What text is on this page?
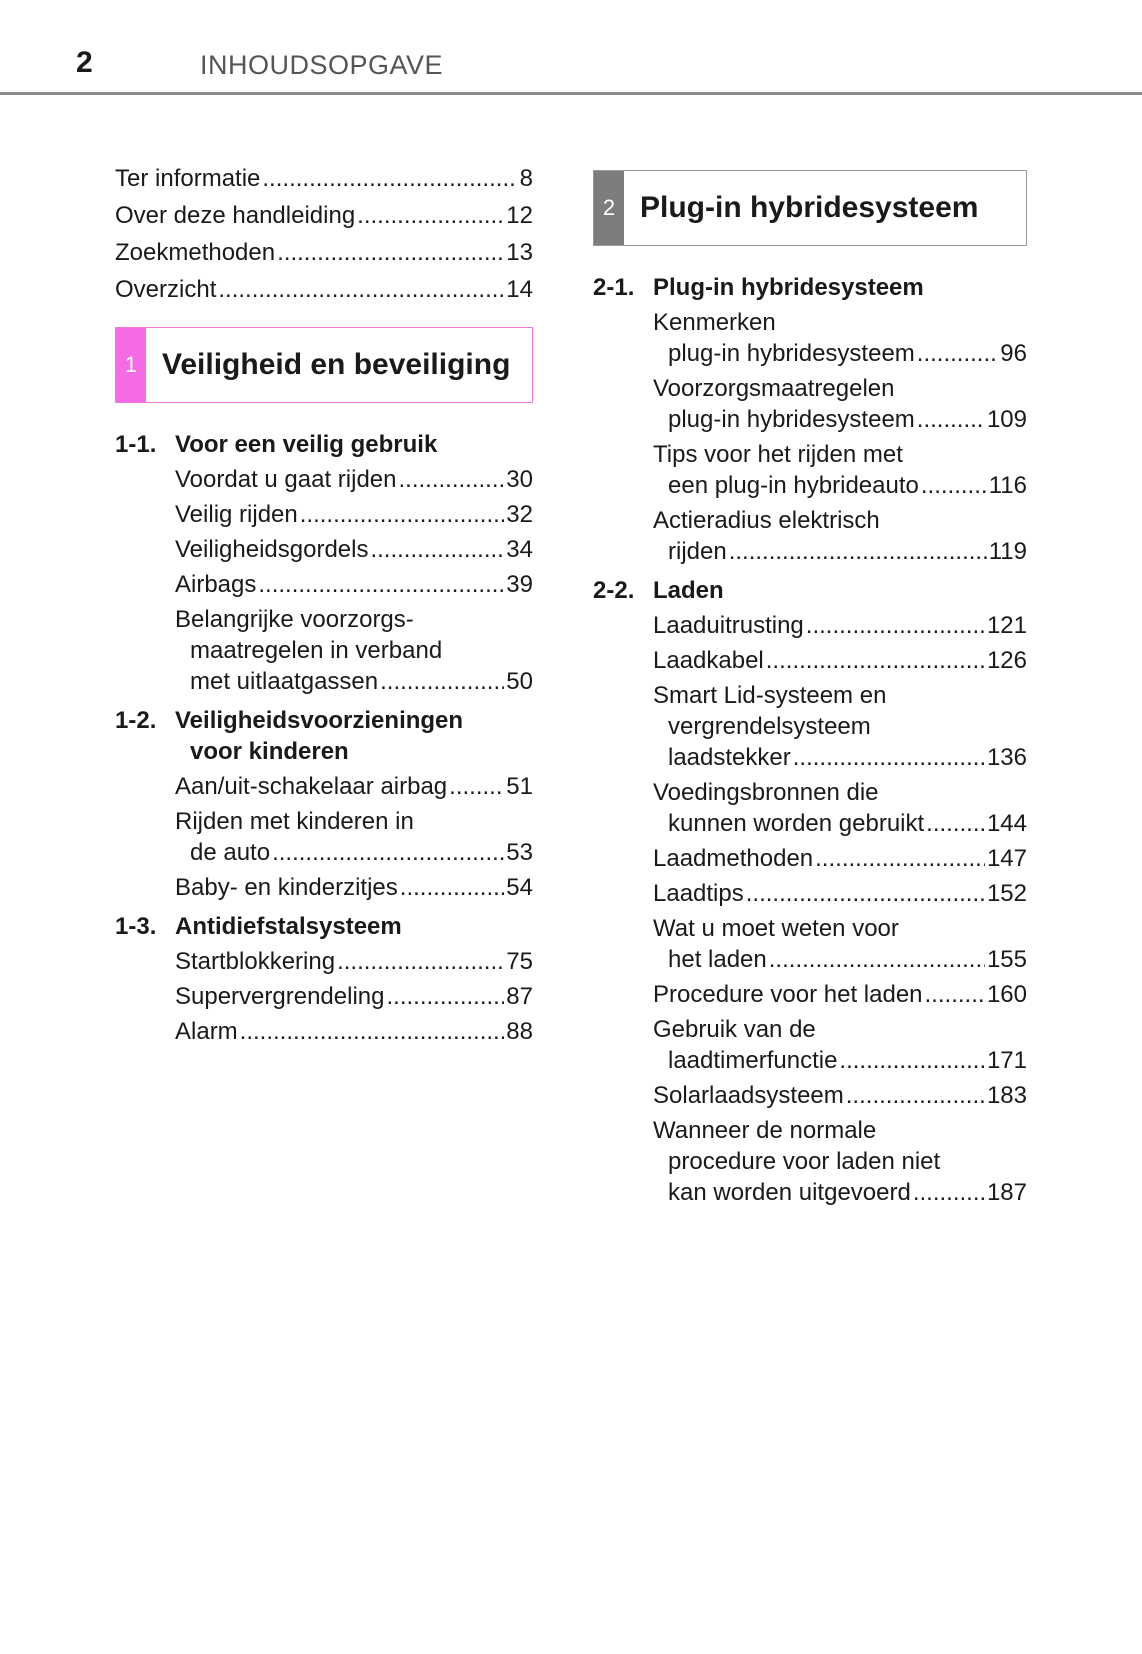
2	INHOUDSOPGAVE
Ter informatie .....	8
Over deze handleiding .....	12
Zoekmethoden .....	13
Overzicht .....	14
1 Veiligheid en beveiliging
1-1. Voor een veilig gebruik
Voordat u gaat rijden .....	30
Veilig rijden .....	32
Veiligheidsgordels .....	34
Airbags .....	39
Belangrijke voorzorgs-
maatregelen in verband
met uitlaatgassen .....	50
1-2. Veiligheidsvoorzieningen
voor kinderen
Aan/uit-schakelaar airbag ..... 51
Rijden met kinderen in
de auto .....	53
Baby- en kinderzitjes .....	54
1-3. Antidiefstalsysteem
Startblokkering .....	75
Supervergrendeling .....	87
Alarm .....	88
2 Plug-in hybridesysteem
2-1. Plug-in hybridesysteem
Kenmerken
plug-in hybridesysteem .....	96
Voorzorgsmaatregelen
plug-in hybridesysteem .....	109
Tips voor het rijden met
een plug-in hybrideauto .....	116
Actieradius elektrisch
rijden .....	119
2-2. Laden
Laaduitrusting .....	121
Laadkabel .....	126
Smart Lid-systeem en
vergrendelsysteem
laadstekker .....	136
Voedingsbronnen die
kunnen worden gebruikt .....	144
Laadmethoden .....	147
Laadtips .....	152
Wat u moet weten voor
het laden .....	155
Procedure voor het laden .....	160
Gebruik van de
laadtimerfunctie .....	171
Solarlaadsysteem .....	183
Wanneer de normale
procedure voor laden niet
kan worden uitgevoerd .....	187
